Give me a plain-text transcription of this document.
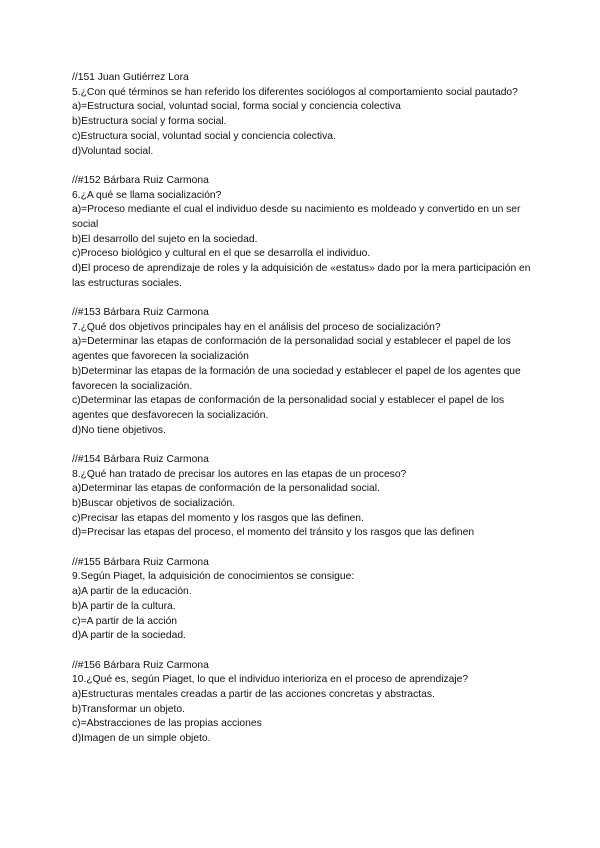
//151 Juan Gutiérrez Lora
5.¿Con qué términos se han referido los diferentes sociólogos al comportamiento social pautado?
a)=Estructura social, voluntad social, forma social y conciencia colectiva
b)Estructura social y forma social.
c)Estructura social, voluntad social y conciencia colectiva.
d)Voluntad social.
//#152 Bárbara Ruiz Carmona
6.¿A qué se llama socialización?
a)=Proceso mediante el cual el individuo desde su nacimiento es moldeado y convertido en un ser social
b)El desarrollo del sujeto en la sociedad.
c)Proceso biológico y cultural en el que se desarrolla el individuo.
d)El proceso de aprendizaje de roles y la adquisición de «estatus» dado por la mera participación en las estructuras sociales.
//#153 Bárbara Ruiz Carmona
7.¿Qué dos objetivos principales hay en el análisis del proceso de socialización?
a)=Determinar las etapas de conformación de la personalidad social y establecer el papel de los agentes que favorecen la socialización
b)Determinar las etapas de la formación de una sociedad y establecer el papel de los agentes que favorecen la socialización.
c)Determinar las etapas de conformación de la personalidad social y establecer el papel de los agentes que desfavorecen la socialización.
d)No tiene objetivos.
//#154 Bárbara Ruiz Carmona
8.¿Qué han tratado de precisar los autores en las etapas de un proceso?
a)Determinar las etapas de conformación de la personalidad social.
b)Buscar objetivos de socialización.
c)Precisar las etapas del momento y los rasgos que las definen.
d)=Precisar las etapas del proceso, el momento del tránsito y los rasgos que las definen
//#155 Bárbara Ruiz Carmona
9.Según Piaget, la adquisición de conocimientos se consigue:
a)A partir de la educación.
b)A partir de la cultura.
c)=A partir de la acción
d)A partir de la sociedad.
//#156 Bárbara Ruiz Carmona
10.¿Qué es, según Piaget, lo que el individuo interioriza en el proceso de aprendizaje?
a)Estructuras mentales creadas a partir de las acciones concretas y abstractas.
b)Transformar un objeto.
c)=Abstracciones de las propias acciones
d)Imagen de un simple objeto.
